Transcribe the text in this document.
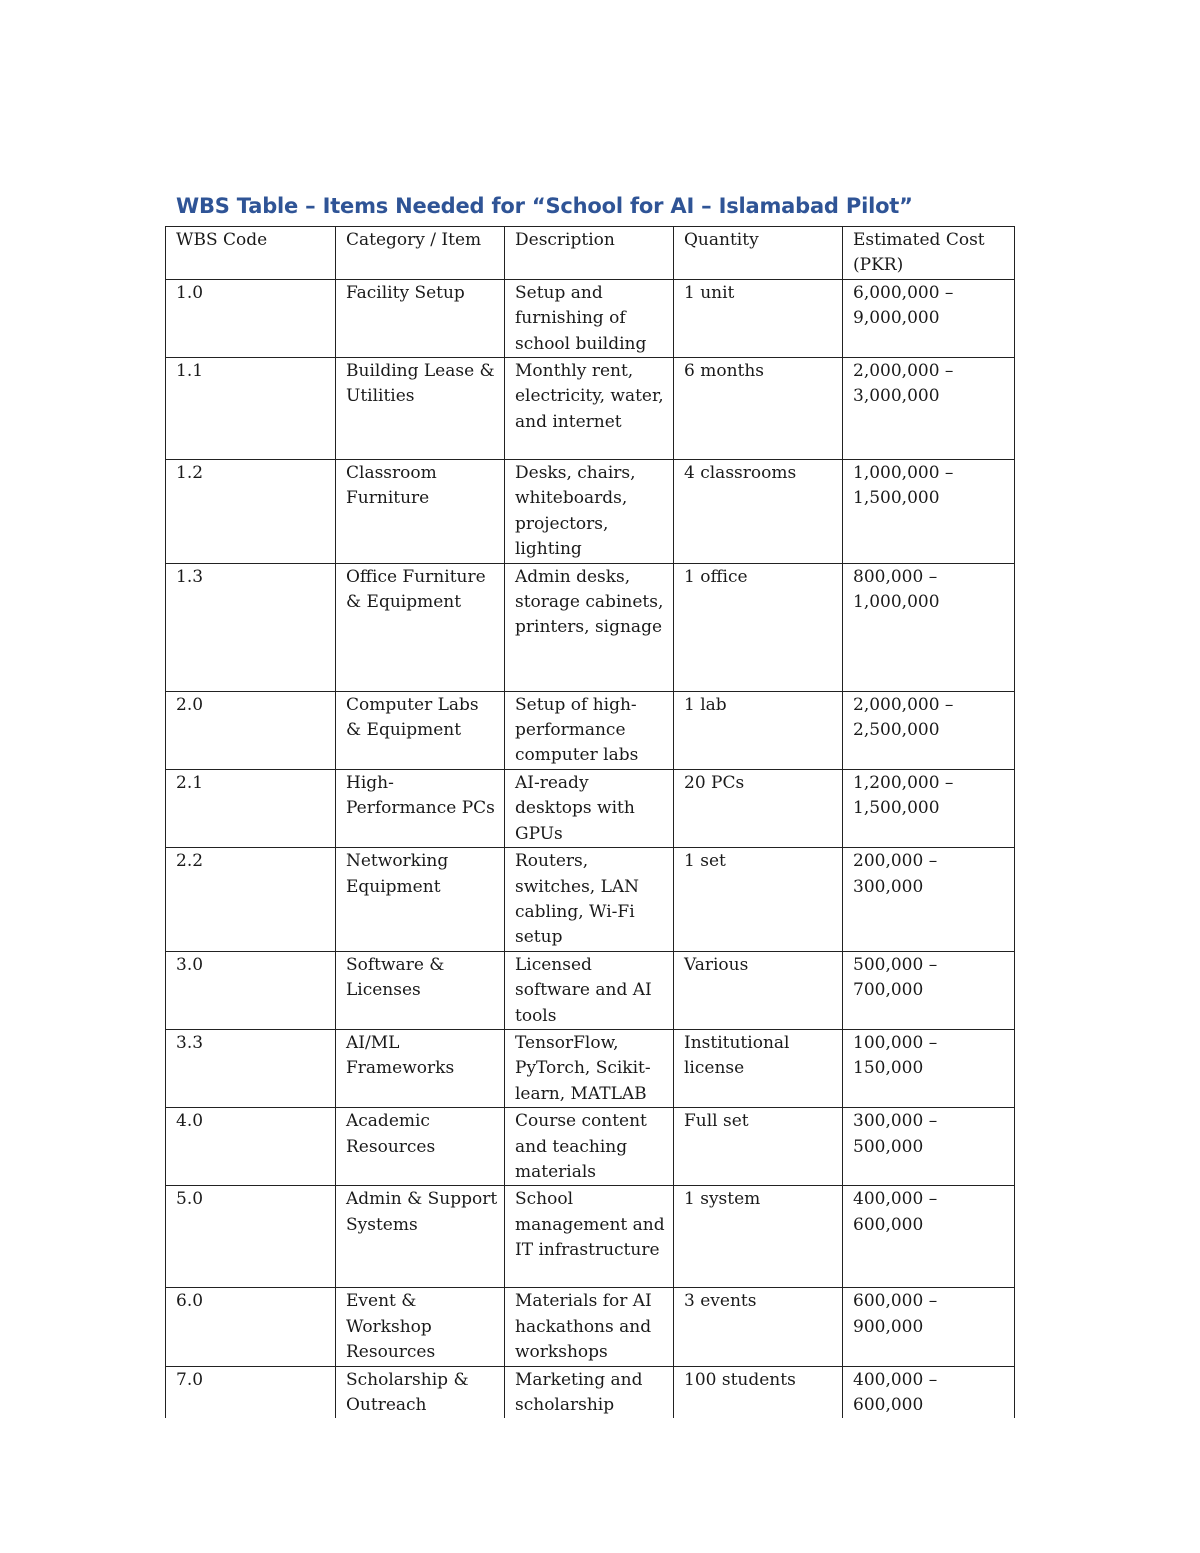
WBS Table – Items Needed for “School for AI – Islamabad Pilot”
WBS Code	Category / Item	Description	Quantity	Estimated Cost (PKR)
1.0	Facility Setup	Setup and furnishing of school building	1 unit	6,000,000 – 9,000,000
1.1	Building Lease & Utilities	Monthly rent, electricity, water, and internet	6 months	2,000,000 – 3,000,000
1.2	Classroom Furniture	Desks, chairs, whiteboards, projectors, lighting	4 classrooms	1,000,000 – 1,500,000
1.3	Office Furniture & Equipment	Admin desks, storage cabinets, printers, signage	1 office	800,000 – 1,000,000
2.0	Computer Labs & Equipment	Setup of high-performance computer labs	1 lab	2,000,000 – 2,500,000
2.1	High-Performance PCs	AI-ready desktops with GPUs	20 PCs	1,200,000 – 1,500,000
2.2	Networking Equipment	Routers, switches, LAN cabling, Wi-Fi setup	1 set	200,000 – 300,000
3.0	Software & Licenses	Licensed software and AI tools	Various	500,000 – 700,000
3.3	AI/ML Frameworks	TensorFlow, PyTorch, Scikit-learn, MATLAB	Institutional license	100,000 – 150,000
4.0	Academic Resources	Course content and teaching materials	Full set	300,000 – 500,000
5.0	Admin & Support Systems	School management and IT infrastructure	1 system	400,000 – 600,000
6.0	Event & Workshop Resources	Materials for AI hackathons and workshops	3 events	600,000 – 900,000
7.0	Scholarship & Outreach	Marketing and scholarship	100 students	400,000 – 600,000
